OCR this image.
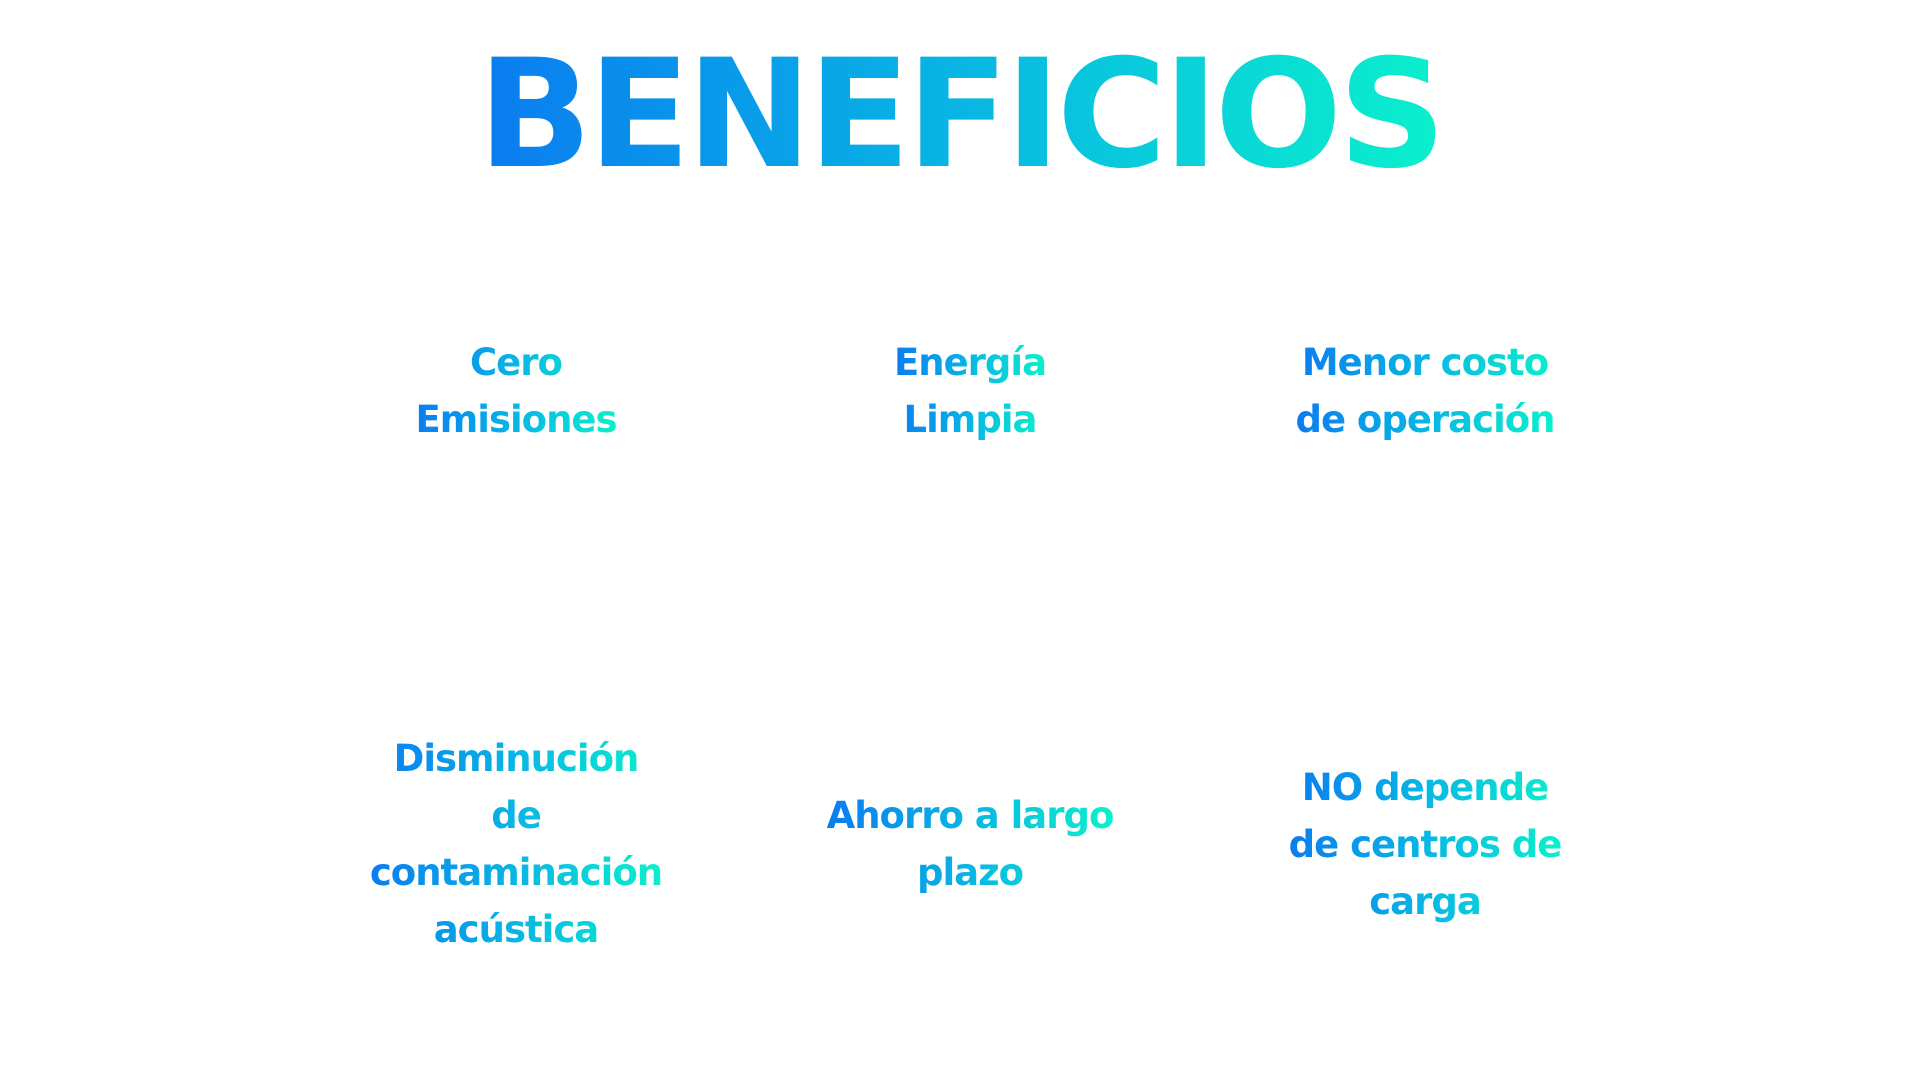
BENEFICIOS
Cero
Emisiones
Energía
Limpia
Menor costo
de operación
Disminución
de
contaminación
acústica
Ahorro a largo
plazo
NO depende
de centros de
carga
